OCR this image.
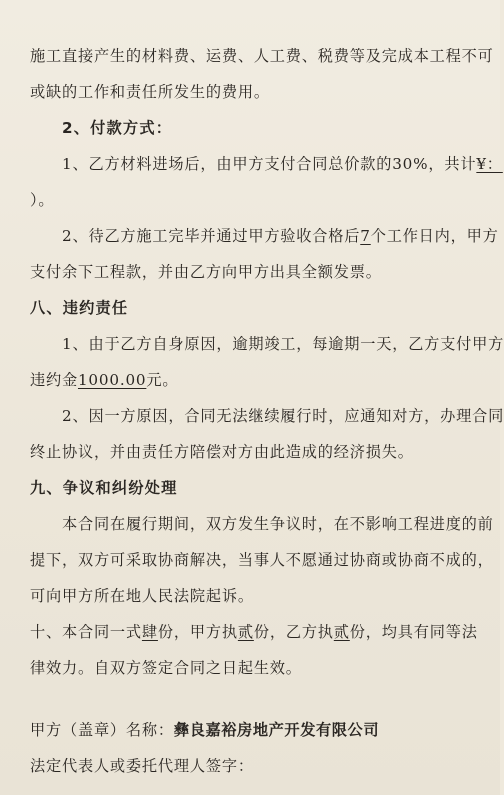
施工直接产生的材料费、运费、人工费、税费等及完成本工程不可
或缺的工作和责任所发生的费用。
2、付款方式：
1、乙方材料进场后，由甲方支付合同总价款的30%，共计¥：
）。
2、待乙方施工完毕并通过甲方验收合格后7个工作日内，甲方
支付余下工程款，并由乙方向甲方出具全额发票。
八、违约责任
1、由于乙方自身原因，逾期竣工，每逾期一天，乙方支付甲方
违约金1000.00元。
2、因一方原因，合同无法继续履行时，应通知对方，办理合同
终止协议，并由责任方陪偿对方由此造成的经济损失。
九、争议和纠纷处理
本合同在履行期间，双方发生争议时，在不影响工程进度的前
提下，双方可采取协商解决，当事人不愿通过协商或协商不成的，
可向甲方所在地人民法院起诉。
十、本合同一式肆份，甲方执贰份，乙方执贰份，均具有同等法
律效力。自双方签定合同之日起生效。
甲方（盖章）名称：彝良嘉裕房地产开发有限公司
法定代表人或委托代理人签字：
